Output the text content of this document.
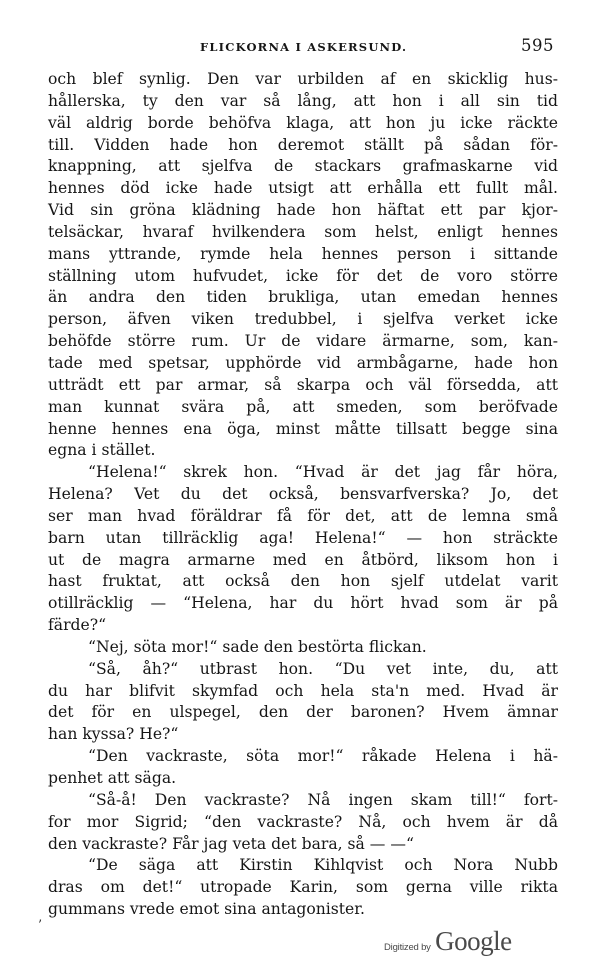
FLICKORNA I ASKERSUND.	595

och blef synlig. Den var urbilden af en skicklig hus-
hållerska, ty den var så lång, att hon i all sin tid
väl aldrig borde behöfva klaga, att hon ju icke räckte
till. Vidden hade hon deremot ställt på sådan för-
knappning, att sjelfva de stackars grafmaskarne vid
hennes död icke hade utsigt att erhålla ett fullt mål.
Vid sin gröna klädning hade hon häftat ett par kjor-
telsäckar, hvaraf hvilkendera som helst, enligt hennes
mans yttrande, rymde hela hennes person i sittande
ställning utom hufvudet, icke för det de voro större
än andra den tiden brukliga, utan emedan hennes
person, äfven viken tredubbel, i sjelfva verket icke
behöfde större rum. Ur de vidare ärmarne, som, kan-
tade med spetsar, upphörde vid armbågarne, hade hon
utträdt ett par armar, så skarpa och väl försedda, att
man kunnat svära på, att smeden, som beröfvade
henne hennes ena öga, minst måtte tillsatt begge sina
egna i stället.

“Helena!“ skrek hon. “Hvad är det jag får höra,
Helena? Vet du det också, bensvarfverska? Jo, det
ser man hvad föräldrar få för det, att de lemna små
barn utan tillräcklig aga! Helena!“ — hon sträckte
ut de magra armarne med en åtbörd, liksom hon i
hast fruktat, att också den hon sjelf utdelat varit
otillräcklig — “Helena, har du hört hvad som är på
färde?“

“Nej, söta mor!“ sade den bestörta flickan.

“Så, åh?“ utbrast hon. “Du vet inte, du, att
du har blifvit skymfad och hela sta'n med. Hvad är
det för en ulspegel, den der baronen? Hvem ämnar
han kyssa? He?“

“Den vackraste, söta mor!“ råkade Helena i hä-
penhet att säga.

“Så-å! Den vackraste? Nå ingen skam till!“ fort-
for mor Sigrid; “den vackraste? Nå, och hvem är då
den vackraste? Får jag veta det bara, så — —“

“De säga att Kirstin Kihlqvist och Nora Nubb
dras om det!“ utropade Karin, som gerna ville rikta
gummans vrede emot sina antagonister.

’
Digitized by Google
